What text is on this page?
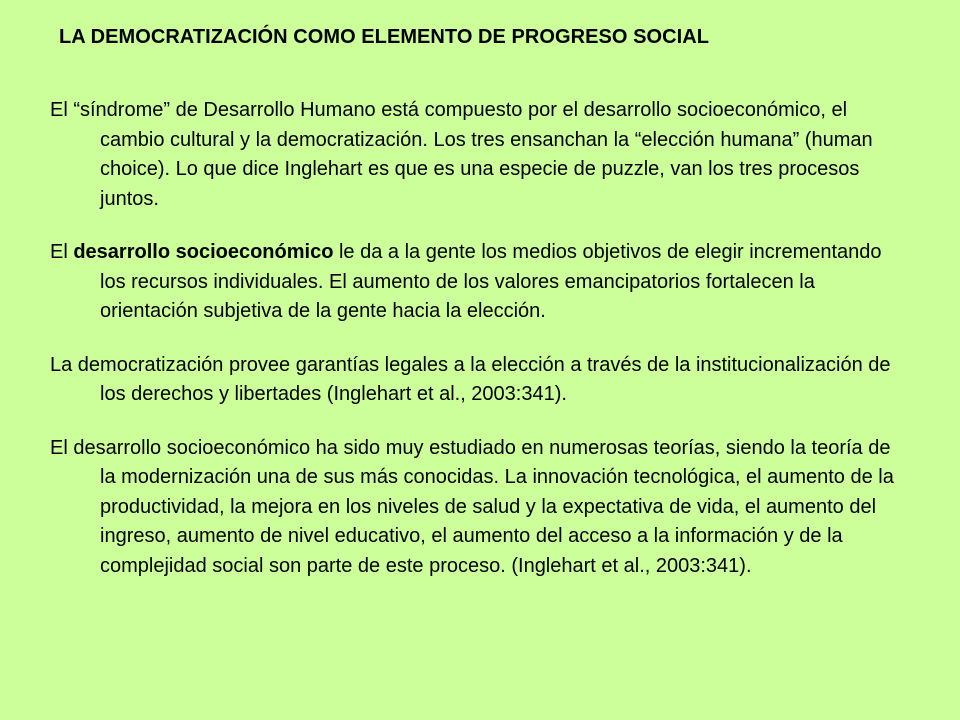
LA DEMOCRATIZACIÓN COMO ELEMENTO DE PROGRESO SOCIAL

El “síndrome” de Desarrollo Humano está compuesto por el desarrollo socioeconómico, el cambio cultural y la democratización. Los tres ensanchan la “elección humana” (human choice). Lo que dice Inglehart es que es una especie de puzzle, van los tres procesos juntos.

El desarrollo socioeconómico le da a la gente los medios objetivos de elegir incrementando los recursos individuales. El aumento de los valores emancipatorios fortalecen la orientación subjetiva de la gente hacia la elección.

La democratización provee garantías legales a la elección a través de la institucionalización de los derechos y libertades (Inglehart et al., 2003:341).

El desarrollo socioeconómico ha sido muy estudiado en numerosas teorías, siendo la teoría de la modernización una de sus más conocidas. La innovación tecnológica, el aumento de la productividad, la mejora en los niveles de salud y la expectativa de vida, el aumento del ingreso, aumento de nivel educativo, el aumento del acceso a la información y de la complejidad social son parte de este proceso. (Inglehart et al., 2003:341).
